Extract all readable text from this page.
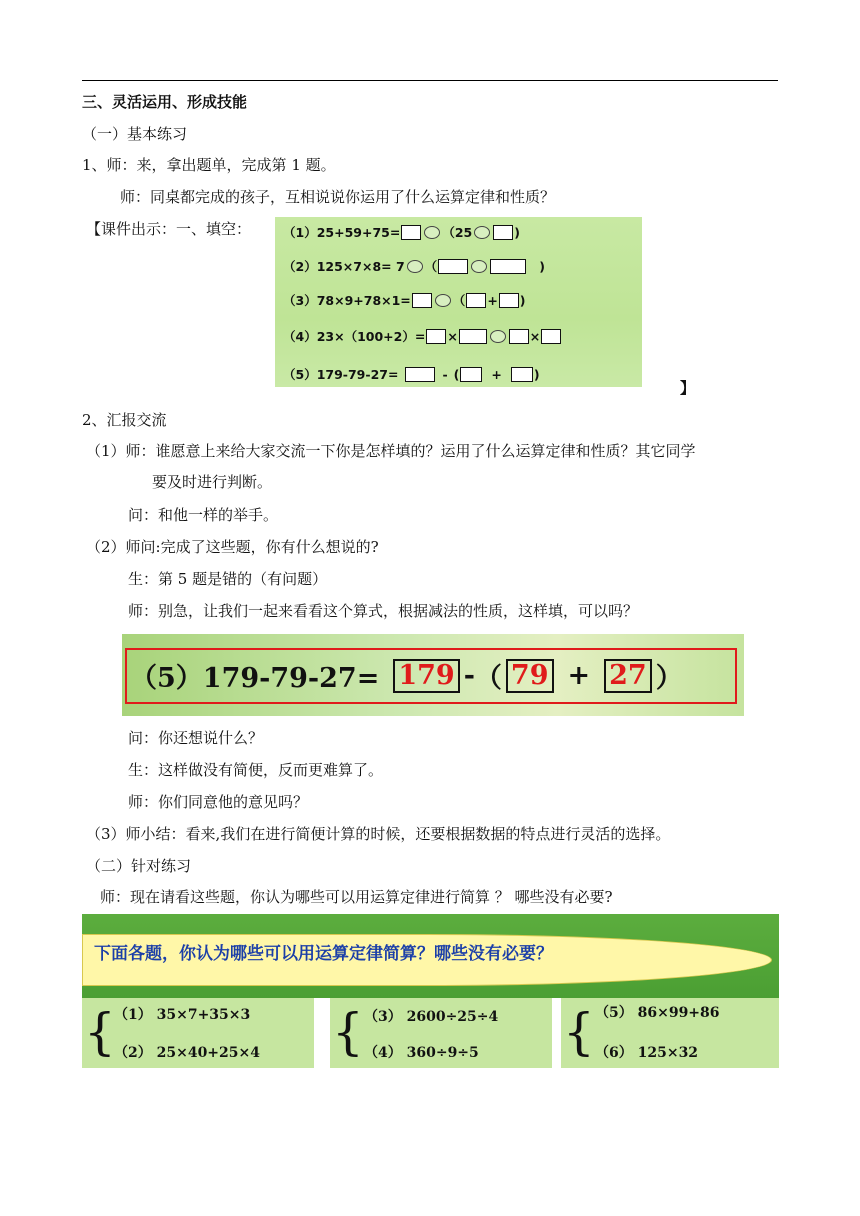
三、灵活运用、形成技能
（一）基本练习
1、师：来，拿出题单，完成第 1 题。
师：同桌都完成的孩子，互相说说你运用了什么运算定律和性质？
【课件出示：一、填空：	（1） 25+59+75=	（ 25	)
（2） 125×7×8= 7 （	)
（3） 78×9+78×1=	（ + )
（4） 23×（100+2）= ×	×
（5） 179-79-27=	- (	+	)
】
2、汇报交流
（1）师：谁愿意上来给大家交流一下你是怎样填的？运用了什么运算定律和性质？其它同学
要及时进行判断。
问：和他一样的举手。
（2）师问:完成了这些题，你有什么想说的?
生：第 5 题是错的（有问题）
师：别急，让我们一起来看看这个算式，根据减法的性质，这样填，可以吗？
（5）179-79-27= 179 - （ 79 + 27 ）
问：你还想说什么？
生：这样做没有简便，反而更难算了。
师：你们同意他的意见吗？
（3）师小结：看来,我们在进行简便计算的时候，还要根据数据的特点进行灵活的选择。
（二）针对练习
师：现在请看这些题，你认为哪些可以用运算定律进行简算 ？ 哪些没有必要?
下面各题，你认为哪些可以用运算定律简算？哪些没有必要？
{
（1） 35×7+35×3
（2） 25×40+25×4 { （3） 2600÷25÷4
（4） 360÷9÷5 { （5） 86×99+86
（6） 125×32
